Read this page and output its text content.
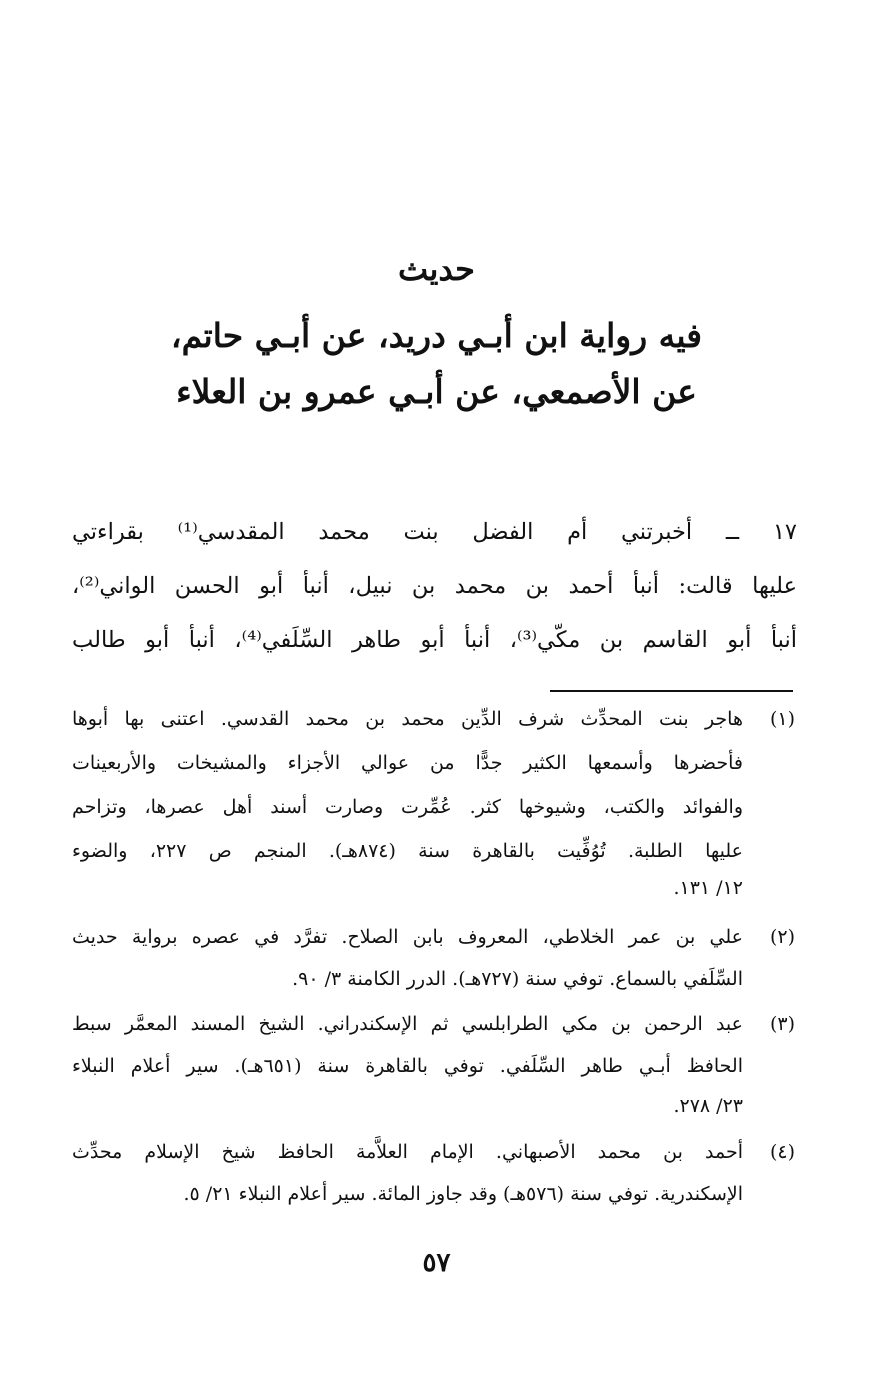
حديث
فيه رواية ابن أبـي دريد، عن أبـي حاتم،
عن الأصمعي، عن أبـي عمرو بن العلاء
١٧ ــ أخبرتني أم الفضل بنت محمد المقدسي⁽¹⁾ بقراءتي
عليها قالت: أنبأ أحمد بن محمد بن نبيل، أنبأ أبو الحسن الواني⁽²⁾،
أنبأ أبو القاسم بن مكّي⁽³⁾، أنبأ أبو طاهر السِّلَفي⁽⁴⁾، أنبأ أبو طالب
(١)
هاجر بنت المحدِّث شرف الدِّين محمد بن محمد القدسي. اعتنى بها أبوها
فأحضرها وأسمعها الكثير جدًّا من عوالي الأجزاء والمشيخات والأربعينات
والفوائد والكتب، وشيوخها كثر. عُمِّرت وصارت أسند أهل عصرها، وتزاحم
عليها الطلبة. تُوُفِّيت بالقاهرة سنة (٨٧٤هـ). المنجم ص ٢٢٧، والضوء
١٢/ ١٣١.
(٢)
علي بن عمر الخلاطي، المعروف بابن الصلاح. تفرَّد في عصره برواية حديث
السِّلَفي بالسماع. توفي سنة (٧٢٧هـ). الدرر الكامنة ٣/ ٩٠.
(٣)
عبد الرحمن بن مكي الطرابلسي ثم الإسكندراني. الشيخ المسند المعمَّر سبط
الحافظ أبـي طاهر السِّلَفي. توفي بالقاهرة سنة (٦٥١هـ). سير أعلام النبلاء
٢٣/ ٢٧٨.
(٤)
أحمد بن محمد الأصبهاني. الإمام العلاَّمة الحافظ شيخ الإسلام محدِّث
الإسكندرية. توفي سنة (٥٧٦هـ) وقد جاوز المائة. سير أعلام النبلاء ٢١/ ٥.
٥٧
